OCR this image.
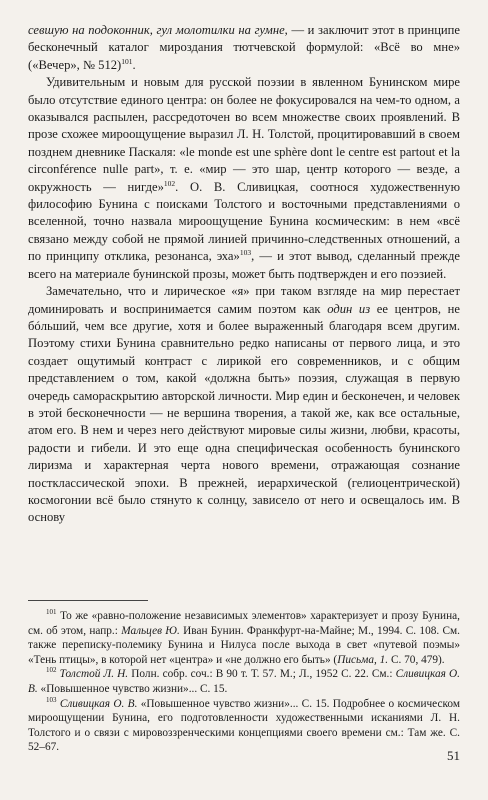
севшую на подоконник, гул молотилки на гумне, — и заключит этот в принципе бесконечный каталог мироздания тютчевской формулой: «Всё во мне» («Вечер», № 512)$^{101}$.

Удивительным и новым для русской поэзии в явленном Бунинском мире было отсутствие единого центра: он более не фокусировался на чем-то одном, а оказывался распылен, рассредоточен во всем множестве своих проявлений. В прозе схожее мироощущение выразил Л. Н. Толстой, процитировавший в своем позднем дневнике Паскаля: «le monde est une sphère dont le centre est partout et la circonférence nulle part», т. е. «мир — это шар, центр которого — везде, а окружность — нигде»$^{102}$. О. В. Сливицкая, соотнося художественную философию Бунина с поисками Толстого и восточными представлениями о вселенной, точно назвала мироощущение Бунина космическим: в нем «всё связано между собой не прямой линией причинно-следственных отношений, а по принципу отклика, резонанса, эха»$^{103}$, — и этот вывод, сделанный прежде всего на материале бунинской прозы, может быть подтвержден и его поэзией.

Замечательно, что и лирическое «я» при таком взгляде на мир перестает доминировать и воспринимается самим поэтом как один из ее центров, не бóльший, чем все другие, хотя и более выраженный благодаря всем другим. Поэтому стихи Бунина сравнительно редко написаны от первого лица, и это создает ощутимый контраст с лирикой его современников, и с общим представлением о том, какой «должна быть» поэзия, служащая в первую очередь самораскрытию авторской личности. Мир един и бесконечен, и человек в этой бесконечности — не вершина творения, а такой же, как все остальные, атом его. В нем и через него действуют мировые силы жизни, любви, красоты, радости и гибели. И это еще одна специфическая особенность бунинского лиризма и характерная черта нового времени, отражающая сознание постклассической эпохи. В прежней, иерархической (гелиоцентрической) космогонии всё было стянуто к солнцу, зависело от него и освещалось им. В основу

$^{101}$ То же «равно-положение независимых элементов» характеризует и прозу Бунина, см. об этом, напр.: Мальцев Ю. Иван Бунин. Франкфурт-на-Майне; М., 1994. С. 108. См. также переписку-полемику Бунина и Нилуса после выхода в свет «путевой поэмы» «Тень птицы», в которой нет «центра» и «не должно его быть» (Письма, 1. С. 70, 479).

$^{102}$ Толстой Л. Н. Полн. собр. соч.: В 90 т. Т. 57. М.; Л., 1952 С. 22. См.: Сливицкая О. В. «Повышенное чувство жизни»... С. 15.

$^{103}$ Сливицкая О. В. «Повышенное чувство жизни»... С. 15. Подробнее о космическом мироощущении Бунина, его подготовленности художественными исканиями Л. Н. Толстого и о связи с мировоззренческими концепциями своего времени см.: Там же. С. 52–67.

51
